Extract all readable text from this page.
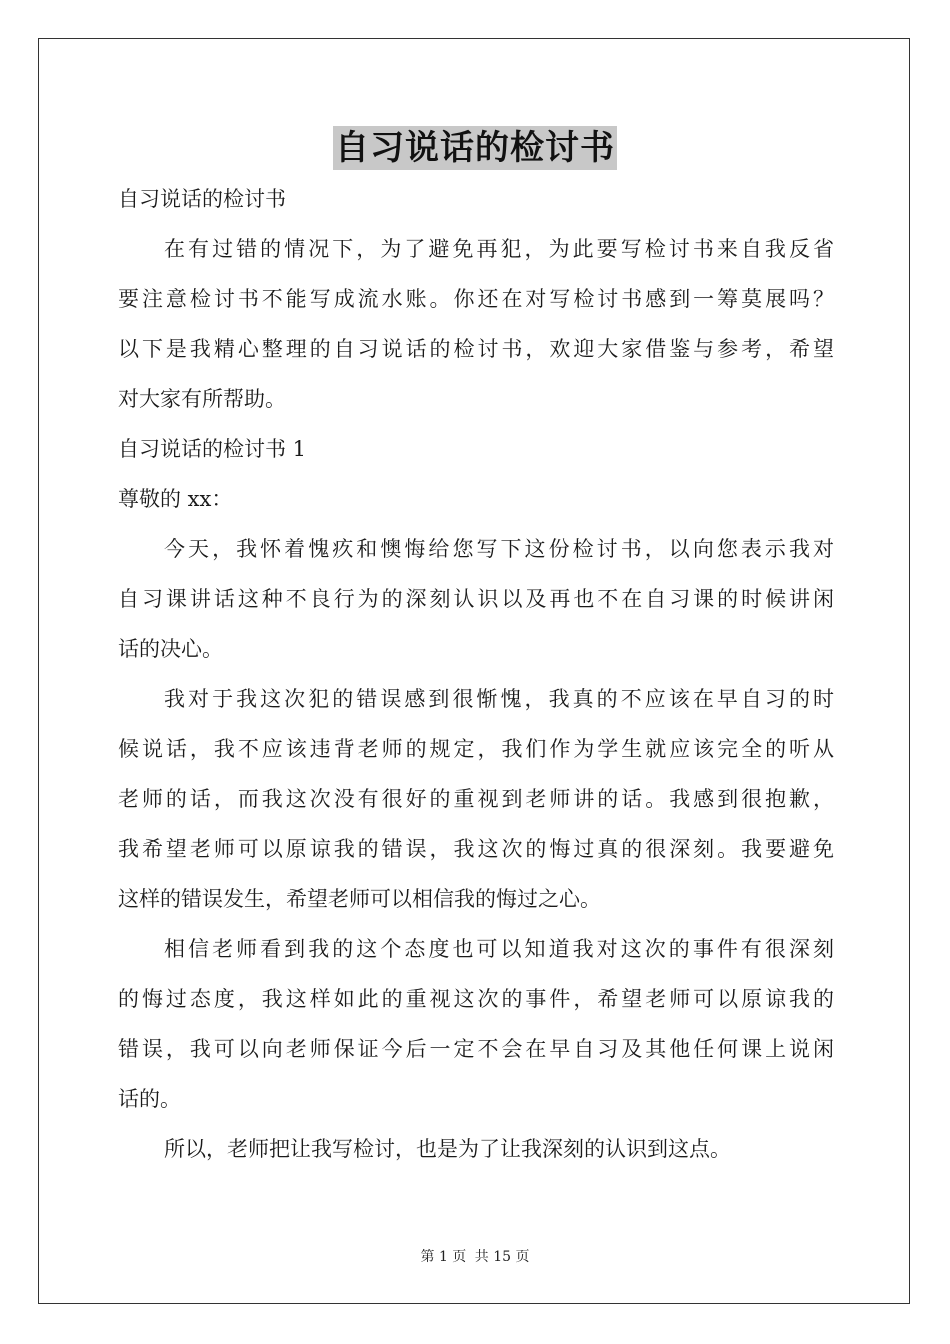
自习说话的检讨书
自习说话的检讨书
在有过错的情况下，为了避免再犯，为此要写检讨书来自我反省
要注意检讨书不能写成流水账。你还在对写检讨书感到一筹莫展吗？
以下是我精心整理的自习说话的检讨书，欢迎大家借鉴与参考，希望
对大家有所帮助。
自习说话的检讨书 1
尊敬的 xx：
今天，我怀着愧疚和懊悔给您写下这份检讨书，以向您表示我对
自习课讲话这种不良行为的深刻认识以及再也不在自习课的时候讲闲
话的决心。
我对于我这次犯的错误感到很惭愧，我真的不应该在早自习的时
候说话，我不应该违背老师的规定，我们作为学生就应该完全的听从
老师的话，而我这次没有很好的重视到老师讲的话。我感到很抱歉，
我希望老师可以原谅我的错误，我这次的悔过真的很深刻。我要避免
这样的错误发生，希望老师可以相信我的悔过之心。
相信老师看到我的这个态度也可以知道我对这次的事件有很深刻
的悔过态度，我这样如此的重视这次的事件，希望老师可以原谅我的
错误，我可以向老师保证今后一定不会在早自习及其他任何课上说闲
话的。
所以，老师把让我写检讨，也是为了让我深刻的认识到这点。
第 1 页 共 15 页
